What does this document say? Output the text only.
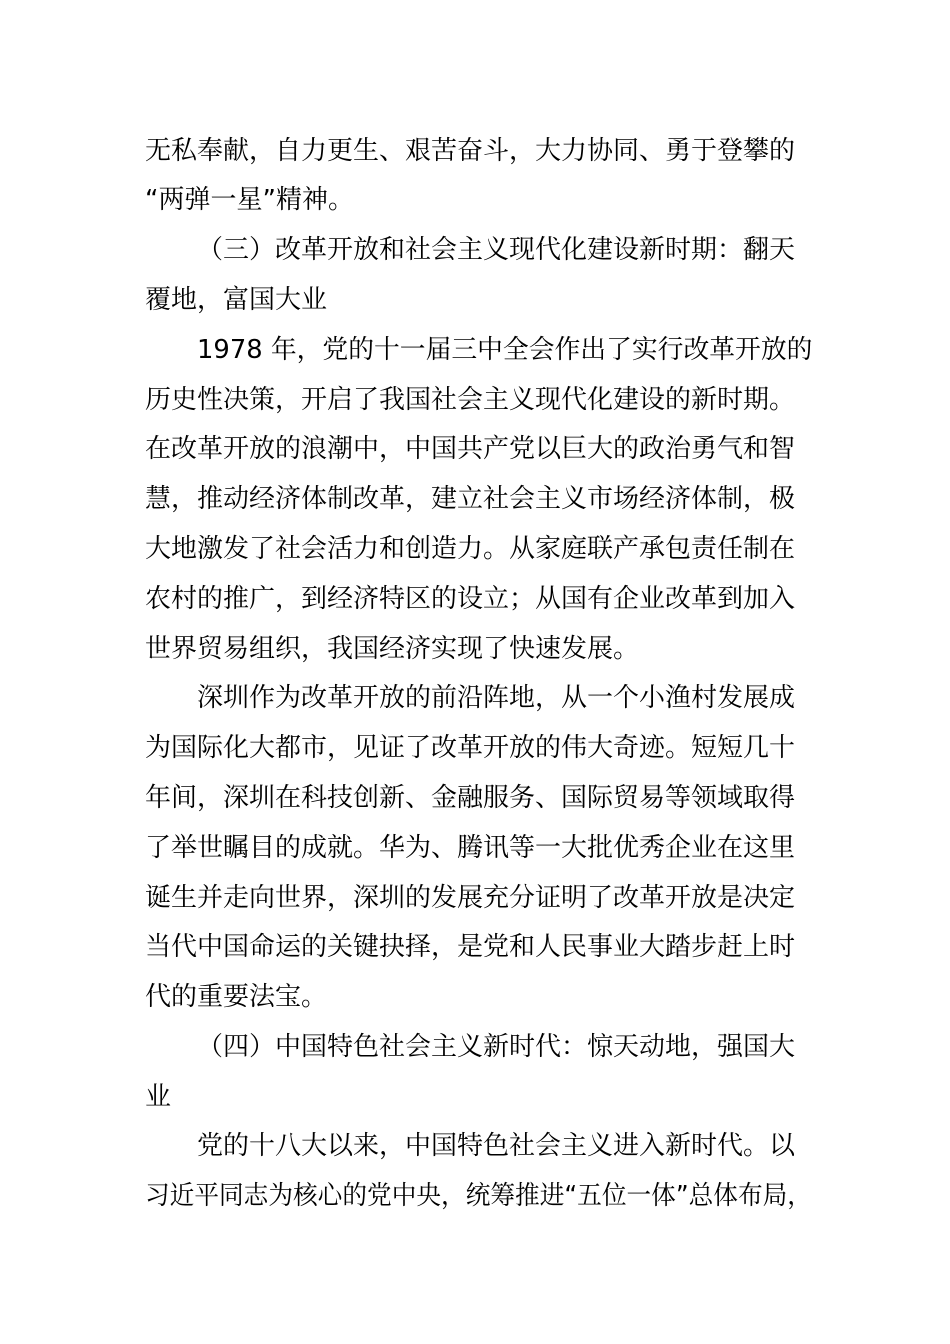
无私奉献，自力更生、艰苦奋斗，大力协同、勇于登攀的
“两弹一星”精神。
（三）改革开放和社会主义现代化建设新时期：翻天
覆地，富国大业
1978 年，党的十一届三中全会作出了实行改革开放的
历史性决策，开启了我国社会主义现代化建设的新时期。
在改革开放的浪潮中，中国共产党以巨大的政治勇气和智
慧，推动经济体制改革，建立社会主义市场经济体制，极
大地激发了社会活力和创造力。从家庭联产承包责任制在
农村的推广，到经济特区的设立；从国有企业改革到加入
世界贸易组织，我国经济实现了快速发展。
深圳作为改革开放的前沿阵地，从一个小渔村发展成
为国际化大都市，见证了改革开放的伟大奇迹。短短几十
年间，深圳在科技创新、金融服务、国际贸易等领域取得
了举世瞩目的成就。华为、腾讯等一大批优秀企业在这里
诞生并走向世界，深圳的发展充分证明了改革开放是决定
当代中国命运的关键抉择，是党和人民事业大踏步赶上时
代的重要法宝。
（四）中国特色社会主义新时代：惊天动地，强国大
业
党的十八大以来，中国特色社会主义进入新时代。以
习近平同志为核心的党中央，统筹推进“五位一体”总体布局，
